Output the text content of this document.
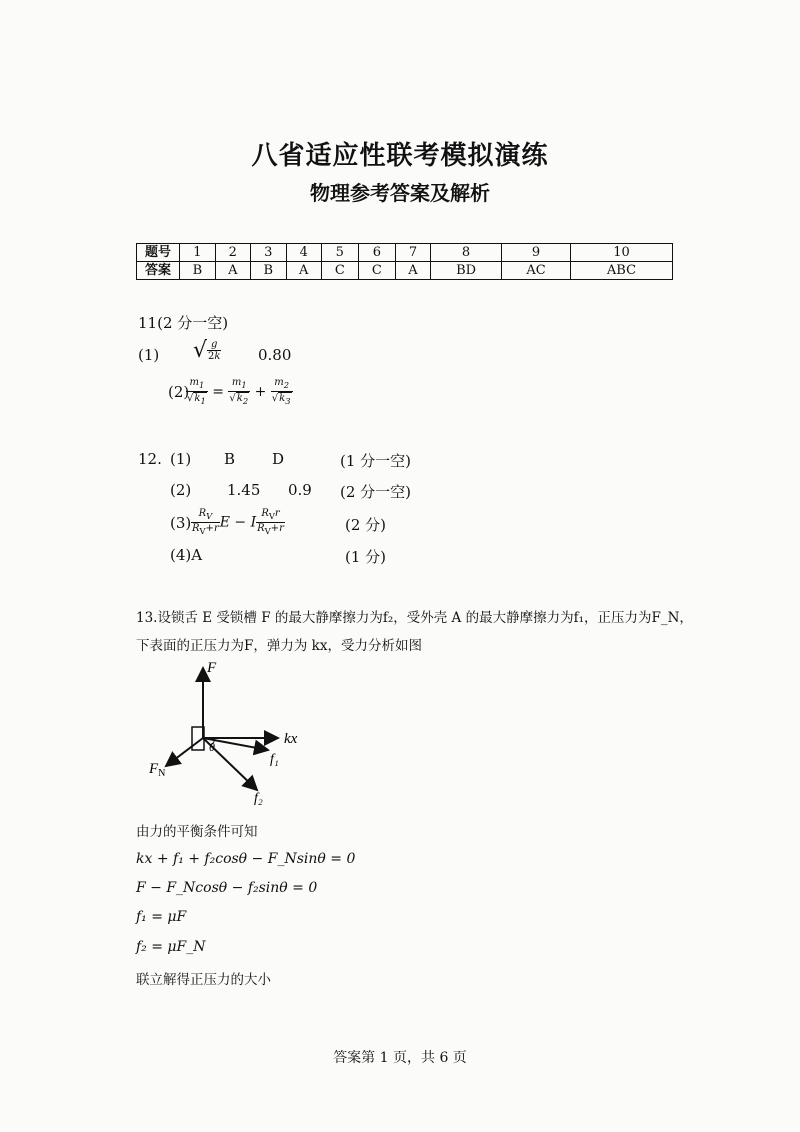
八省适应性联考模拟演练
物理参考答案及解析
题号	1	2	3	4	5	6	7	8	9	10
答案	B	A	B	A	C	C	A	BD	AC	ABC
11(2 分一空)
(1) √ $\frac{g}{2k} 0.80$
(2)
$\frac{m_1}{√k_1} = \frac{m_1}{√k_2} + \frac{m_2}{√k_3}$
12. (1) B D	(1 分一空)
(2) 1.45 0.9 (2 分一空)
$(3) \frac{R_V}{R_V+r}$ E − I $\frac{R_Vr}{R_V+r}$	(2 分)
(4)A	(1 分)
13.设锁舌 E 受锁槽 F 的最大静摩擦力为f₂，受外壳 A 的最大静摩擦力为f₁，正压力为F_N，
下表面的正压力为F，弹力为 kx，受力分析如图
F
kx
f₁
f₂
$F_N$
θ
由力的平衡条件可知
kx + f₁ + f₂cosθ − F_Nsinθ = 0
F − F_Ncosθ − f₂sinθ = 0
f₁ = μF
f₂ = μF_N
联立解得正压力的大小
答案第 1 页，共 6 页
